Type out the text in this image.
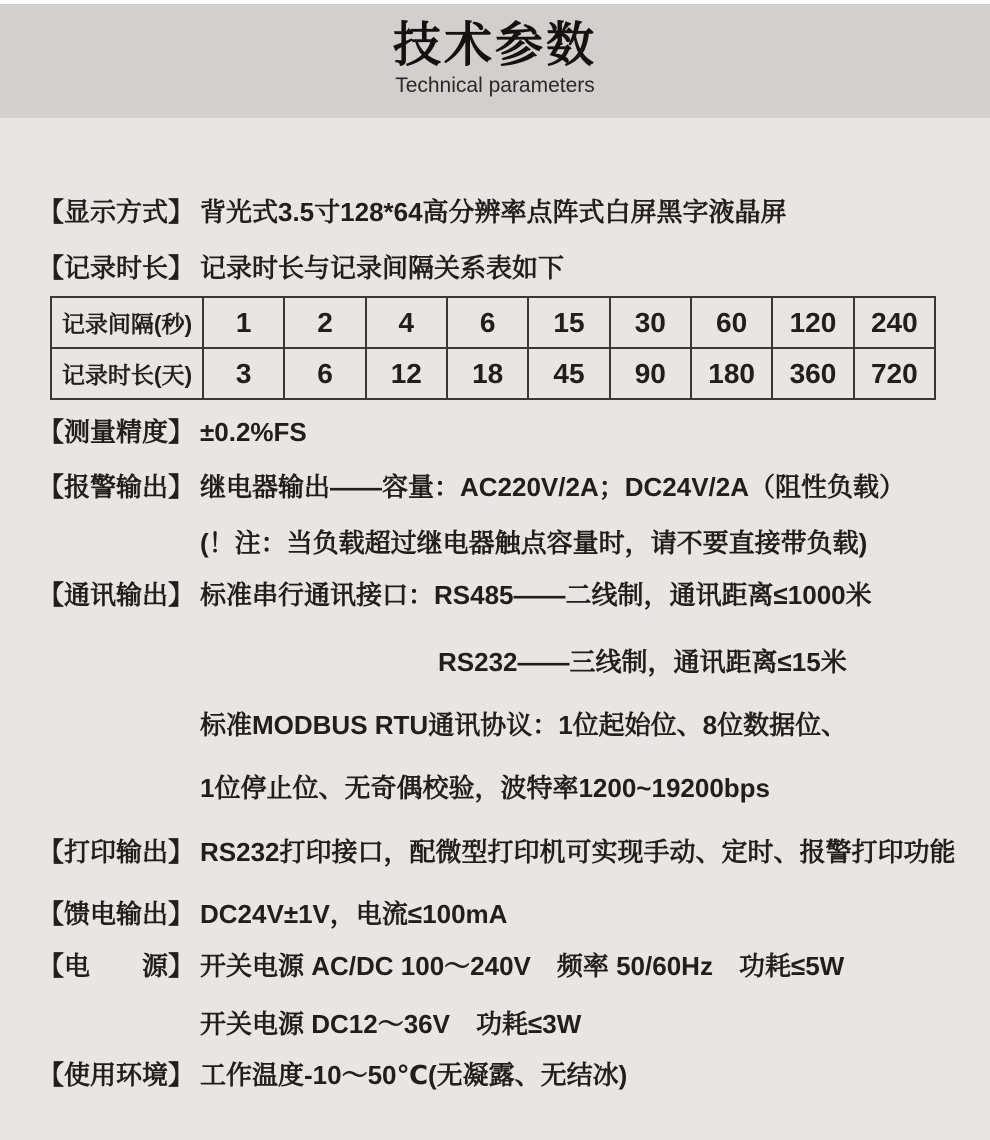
技术参数

Technical parameters

【显示方式】 背光式3.5寸128*64高分辨率点阵式白屏黑字液晶屏
【记录时长】 记录时长与记录间隔关系表如下
记录间隔(秒)	1	2	4	6	15	30	60	120	240
记录时长(天)	3	6	12	18	45	90	180	360	720
【测量精度】 ±0.2%FS
【报警输出】 继电器输出——容量：AC220V/2A；DC24V/2A（阻性负载）
(！注：当负载超过继电器触点容量时，请不要直接带负载)
【通讯输出】 标准串行通讯接口：RS485——二线制，通讯距离≤1000米
RS232——三线制，通讯距离≤15米
标准MODBUS RTU通讯协议：1位起始位、8位数据位、
1位停止位、无奇偶校验，波特率1200~19200bps
【打印输出】 RS232打印接口，配微型打印机可实现手动、定时、报警打印功能
【馈电输出】 DC24V±1V，电流≤100mA
【电　　源】 开关电源 AC/DC 100～240V　频率 50/60Hz　功耗≤5W
开关电源 DC12～36V　功耗≤3W
【使用环境】 工作温度-10～50℃(无凝露、无结冰)
